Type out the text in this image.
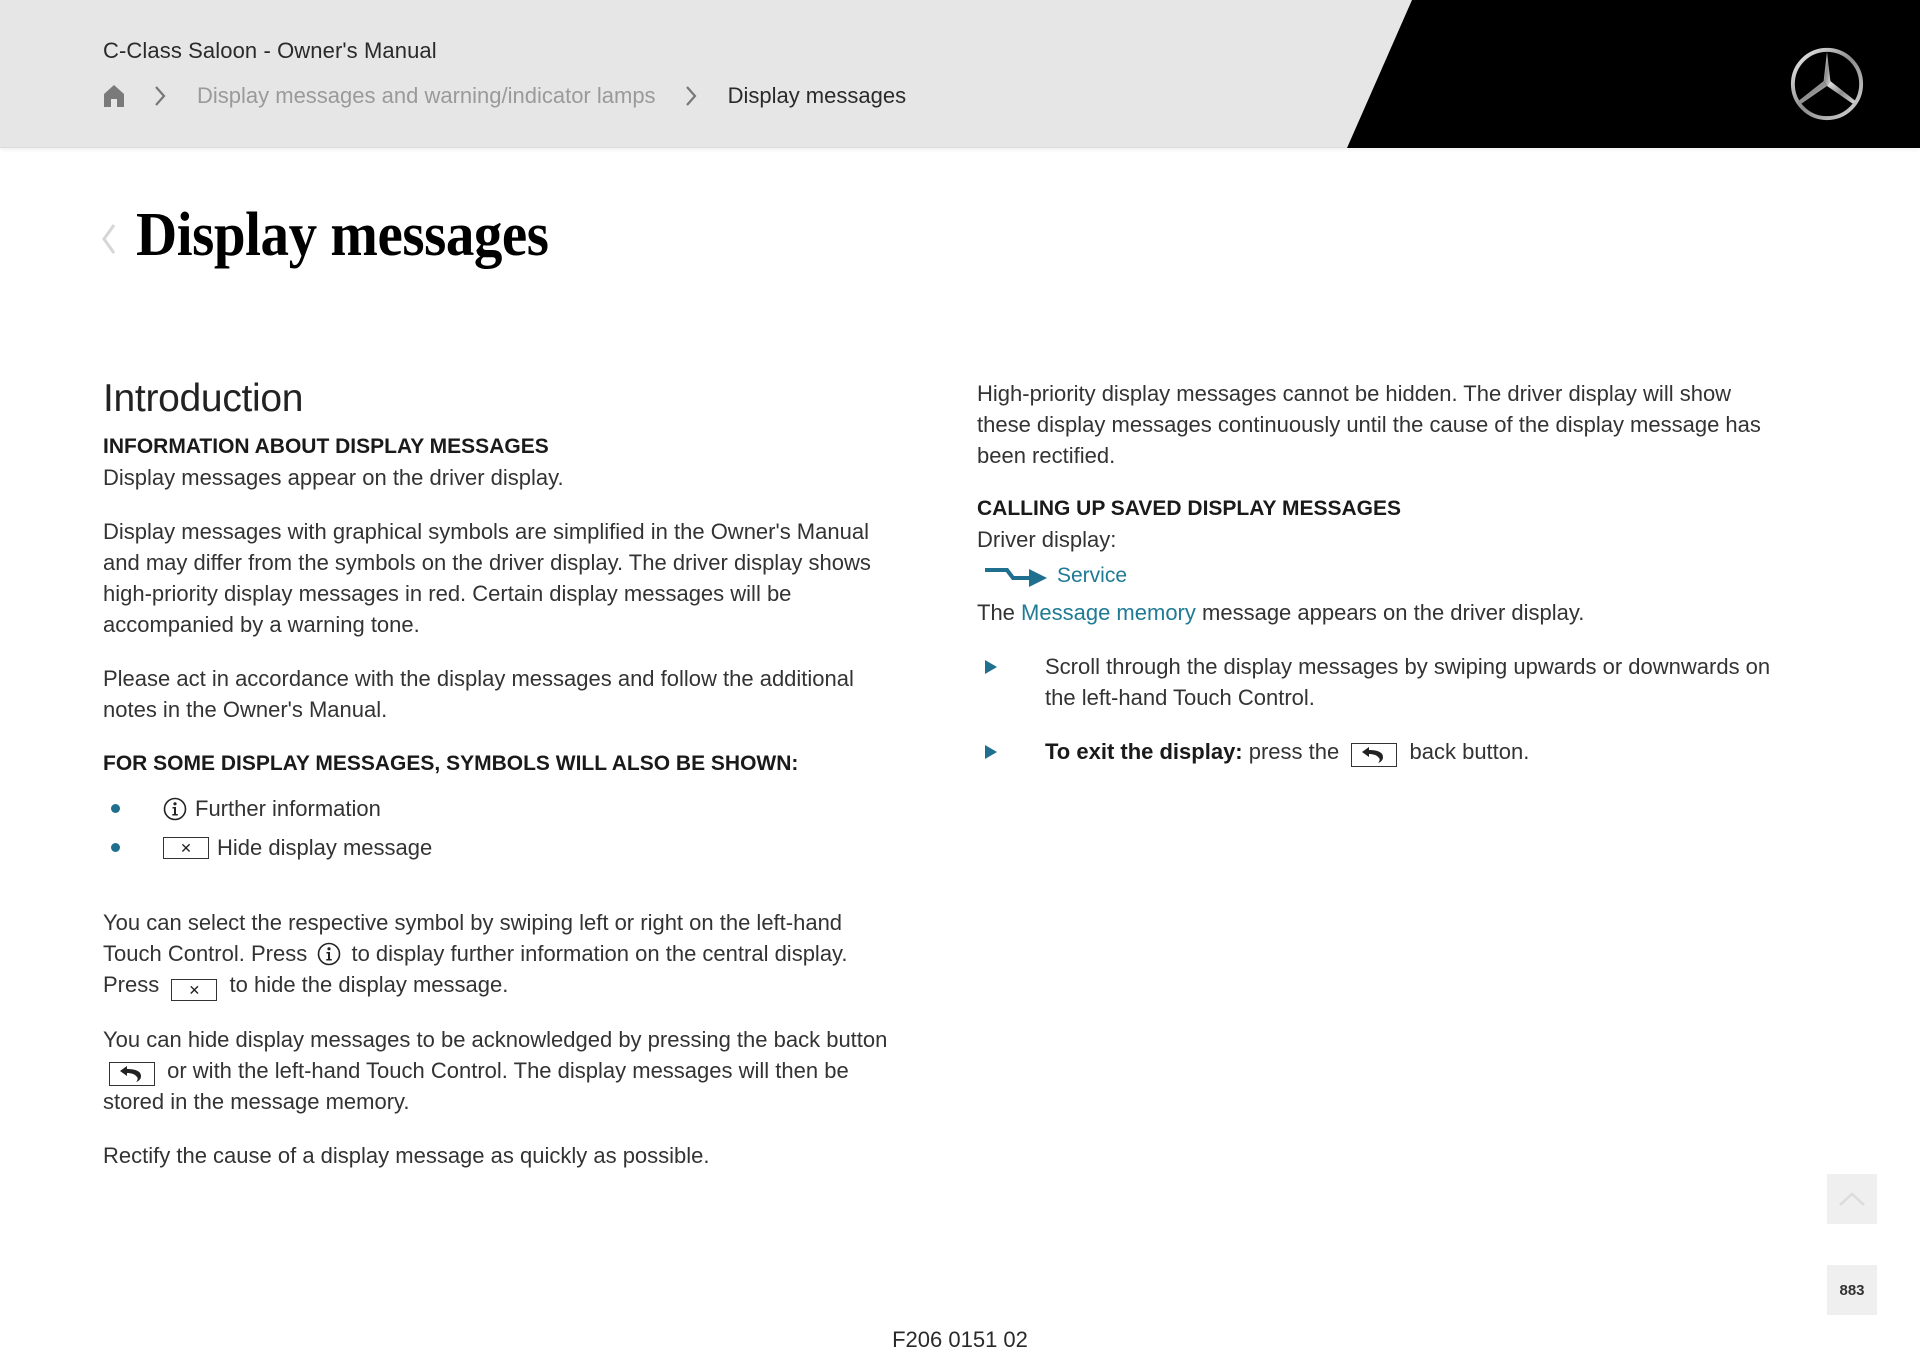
C-Class Saloon - Owner's Manual
Display messages and warning/indicator lamps	Display messages
Display messages
Introduction
INFORMATION ABOUT DISPLAY MESSAGES

Display messages appear on the driver display.

Display messages with graphical symbols are simplified in the Owner's Manual and may differ from the symbols on the driver display. The driver display shows high-priority display messages in red. Certain display messages will be accompanied by a warning tone.

Please act in accordance with the display messages and follow the additional notes in the Owner's Manual.

FOR SOME DISPLAY MESSAGES, SYMBOLS WILL ALSO BE SHOWN:
Further information
✕	Hide display message

You can select the respective symbol by swiping left or right on the left-hand Touch Control. Press to display further information on the central display. Press ✕ to hide the display message.

You can hide display messages to be acknowledged by pressing the back button
or with the left-hand Touch Control. The display messages will then be stored in the message memory.

Rectify the cause of a display message as quickly as possible.

High-priority display messages cannot be hidden. The driver display will show these display messages continuously until the cause of the display message has been rectified.

CALLING UP SAVED DISPLAY MESSAGES
Driver display:
Service

The Message memory message appears on the driver display.

Scroll through the display messages by swiping upwards or downwards on the left-hand Touch Control.
To exit the display: press the	back button.
883
F206 0151 02
